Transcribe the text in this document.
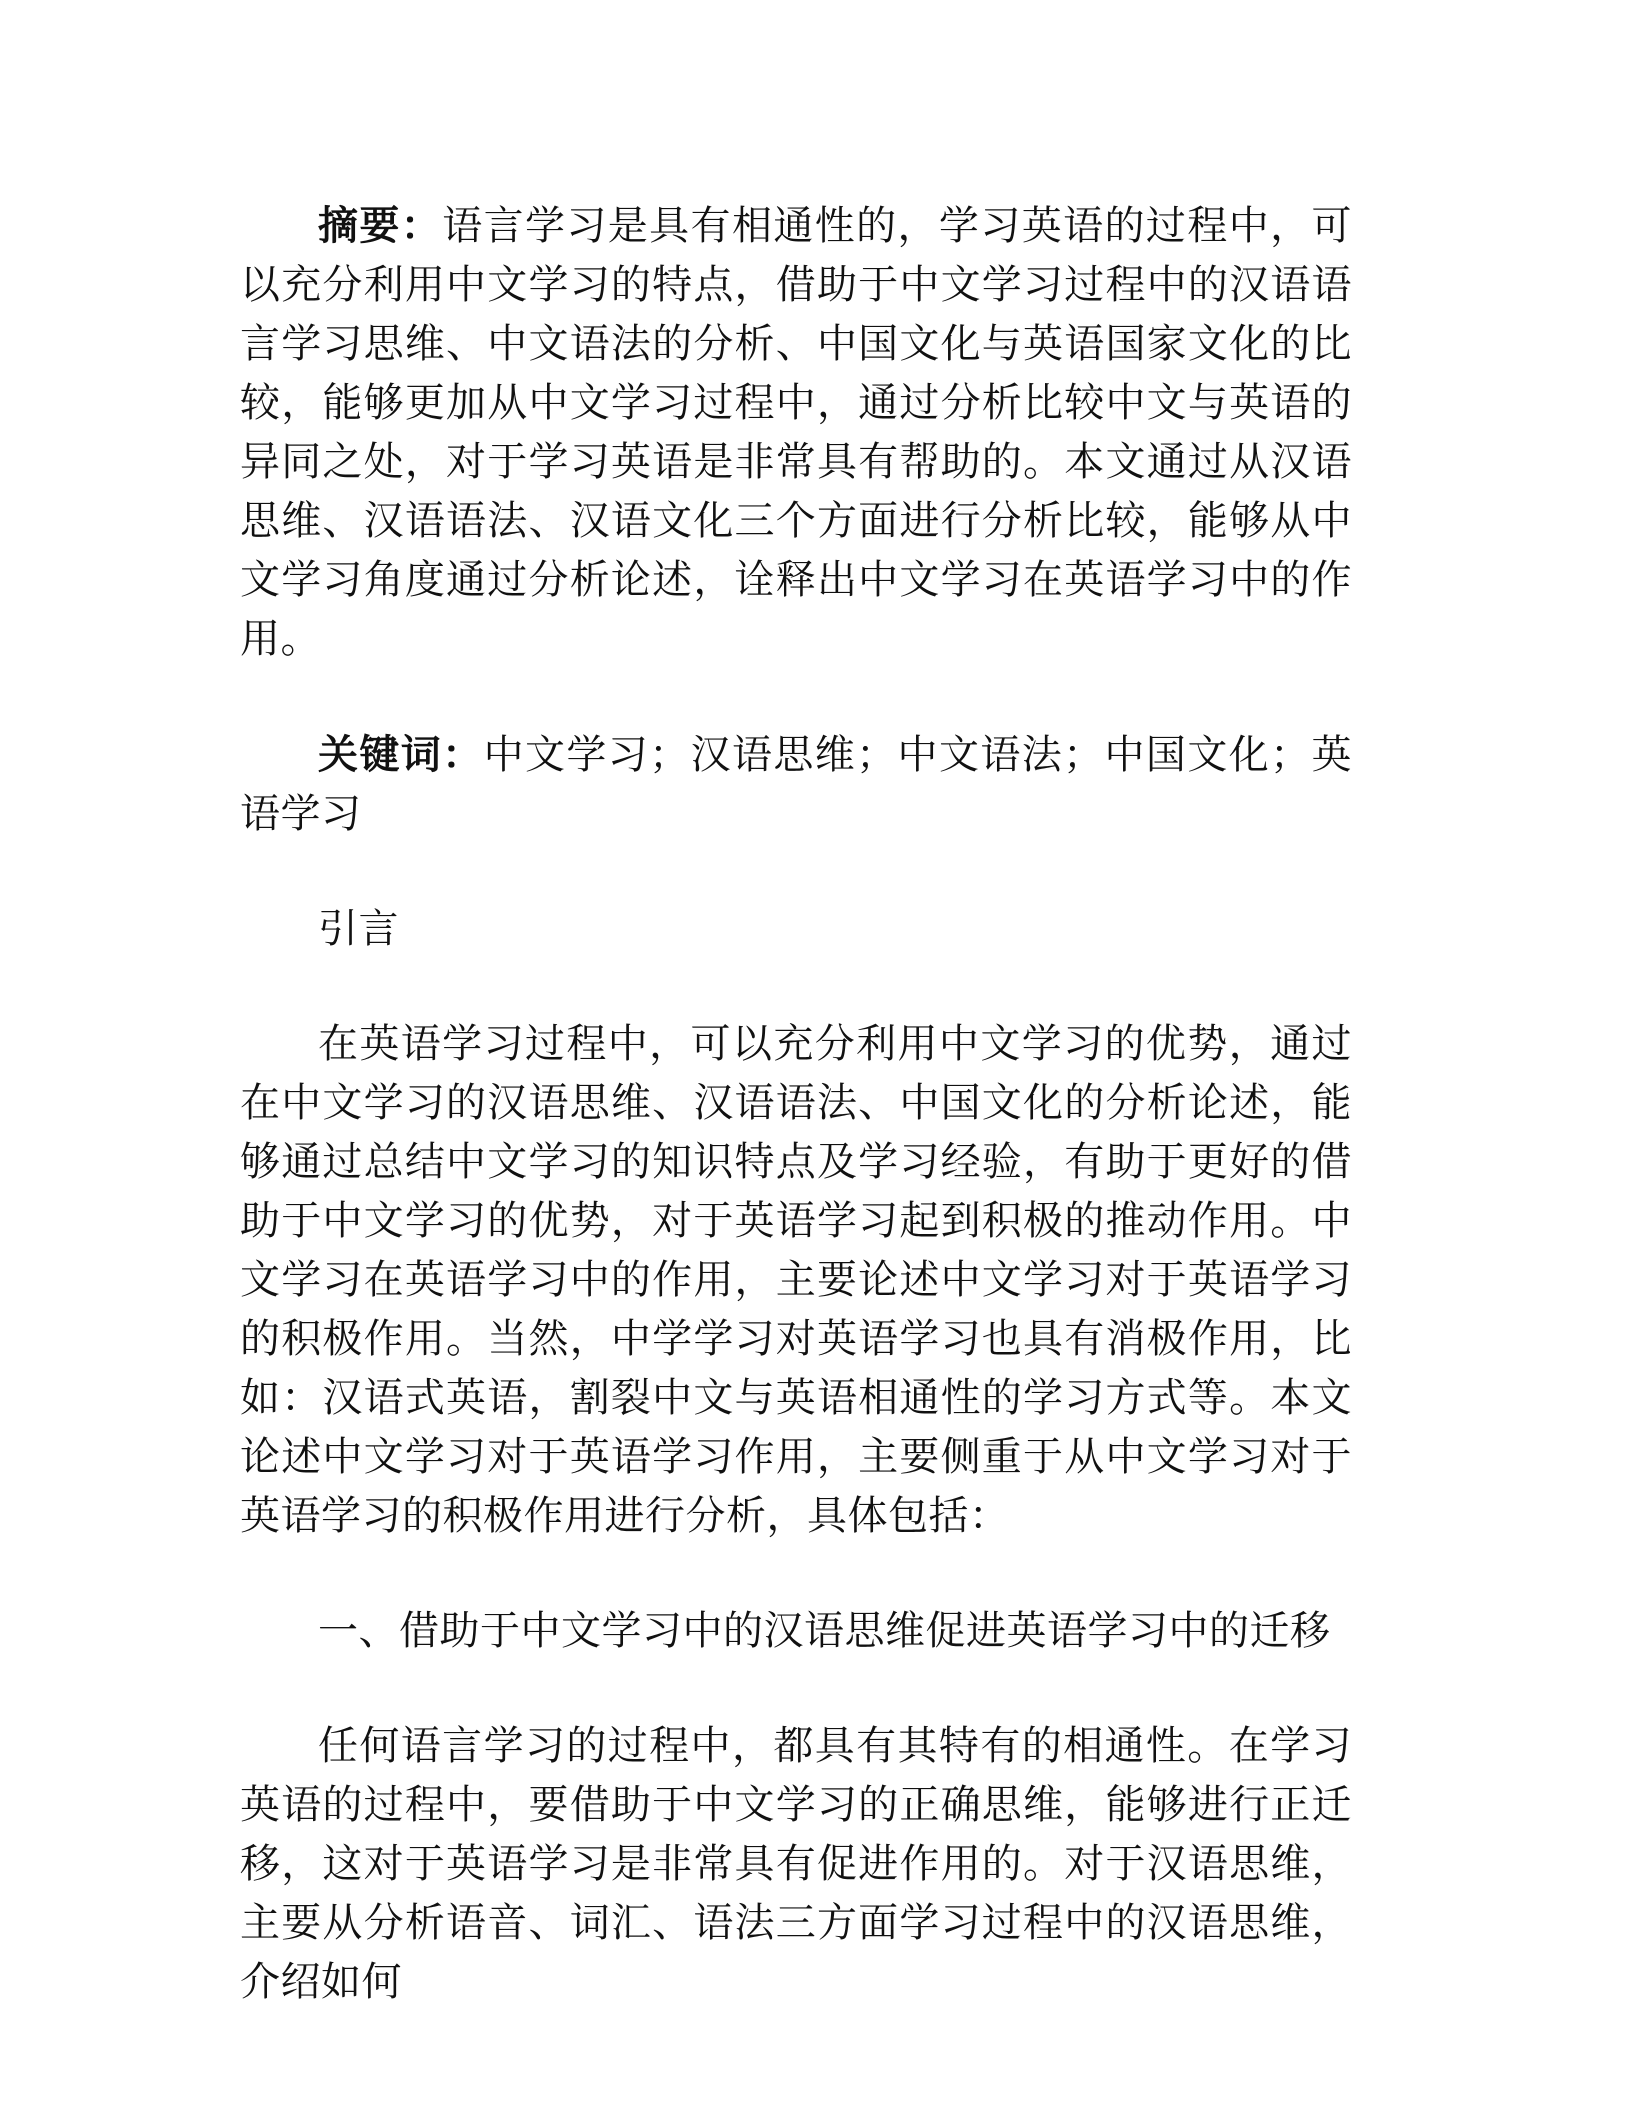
摘要：语言学习是具有相通性的，学习英语的过程中，可以充分利用中文学习的特点，借助于中文学习过程中的汉语语言学习思维、中文语法的分析、中国文化与英语国家文化的比较，能够更加从中文学习过程中，通过分析比较中文与英语的异同之处，对于学习英语是非常具有帮助的。本文通过从汉语思维、汉语语法、汉语文化三个方面进行分析比较，能够从中文学习角度通过分析论述，诠释出中文学习在英语学习中的作用。

关键词：中文学习；汉语思维；中文语法；中国文化；英语学习

引言

在英语学习过程中，可以充分利用中文学习的优势，通过在中文学习的汉语思维、汉语语法、中国文化的分析论述，能够通过总结中文学习的知识特点及学习经验，有助于更好的借助于中文学习的优势，对于英语学习起到积极的推动作用。中文学习在英语学习中的作用，主要论述中文学习对于英语学习的积极作用。当然，中学学习对英语学习也具有消极作用，比如：汉语式英语，割裂中文与英语相通性的学习方式等。本文论述中文学习对于英语学习作用，主要侧重于从中文学习对于英语学习的积极作用进行分析，具体包括：

一、借助于中文学习中的汉语思维促进英语学习中的迁移

任何语言学习的过程中，都具有其特有的相通性。在学习英语的过程中，要借助于中文学习的正确思维，能够进行正迁移，这对于英语学习是非常具有促进作用的。对于汉语思维，主要从分析语音、词汇、语法三方面学习过程中的汉语思维，介绍如何
